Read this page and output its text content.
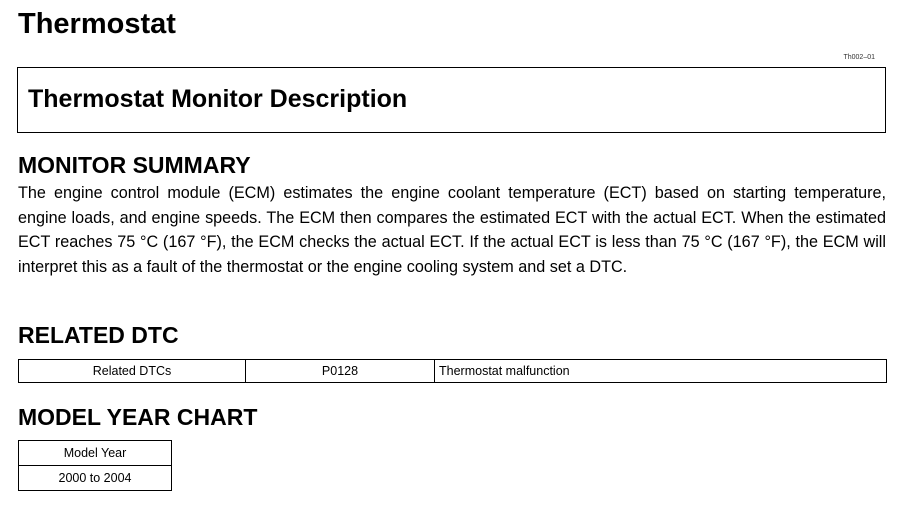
Thermostat
Th002–01
Thermostat Monitor Description
MONITOR SUMMARY

The engine control module (ECM) estimates the engine coolant temperature (ECT) based on starting temperature, engine loads, and engine speeds. The ECM then compares the estimated ECT with the actual ECT. When the estimated ECT reaches 75 °C (167 °F), the ECM checks the actual ECT. If the actual ECT is less than 75 °C (167 °F), the ECM will interpret this as a fault of the thermostat or the engine cooling system and set a DTC.

RELATED DTC
Related DTCs	P0128	Thermostat malfunction
MODEL YEAR CHART
Model Year
2000 to 2004
